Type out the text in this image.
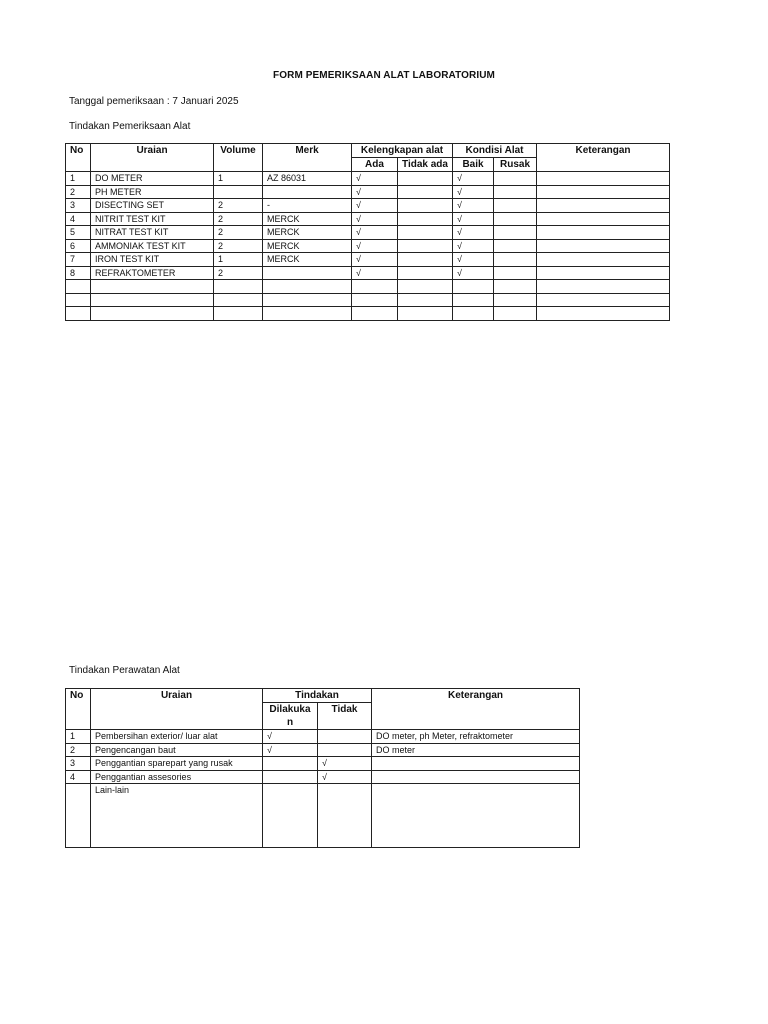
FORM PEMERIKSAAN ALAT LABORATORIUM
Tanggal pemeriksaan : 7 Januari 2025
Tindakan Pemeriksaan Alat
No	Uraian	Volume	Merk	Kelengkapan alat		Kondisi Alat		Keterangan
				Ada	Tidak ada	Baik	Rusak	
1	DO METER	1	AZ 86031	√		√		
2	PH METER			√		√		
3	DISECTING SET	2	-	√		√		
4	NITRIT TEST KIT	2	MERCK	√		√		
5	NITRAT TEST KIT	2	MERCK	√		√		
6	AMMONIAK TEST KIT	2	MERCK	√		√		
7	IRON TEST KIT	1	MERCK	√		√		
8	REFRAKTOMETER	2		√		√		

Tindakan Perawatan Alat
No	Uraian	Tindakan		Keterangan
		Dilakuka n	Tidak	
1	Pembersihan exterior/ luar alat	√		DO meter, ph Meter, refraktometer
2	Pengencangan baut	√		DO meter
3	Penggantian sparepart yang rusak		√	
4	Penggantian assesories		√	
	Lain-lain			
